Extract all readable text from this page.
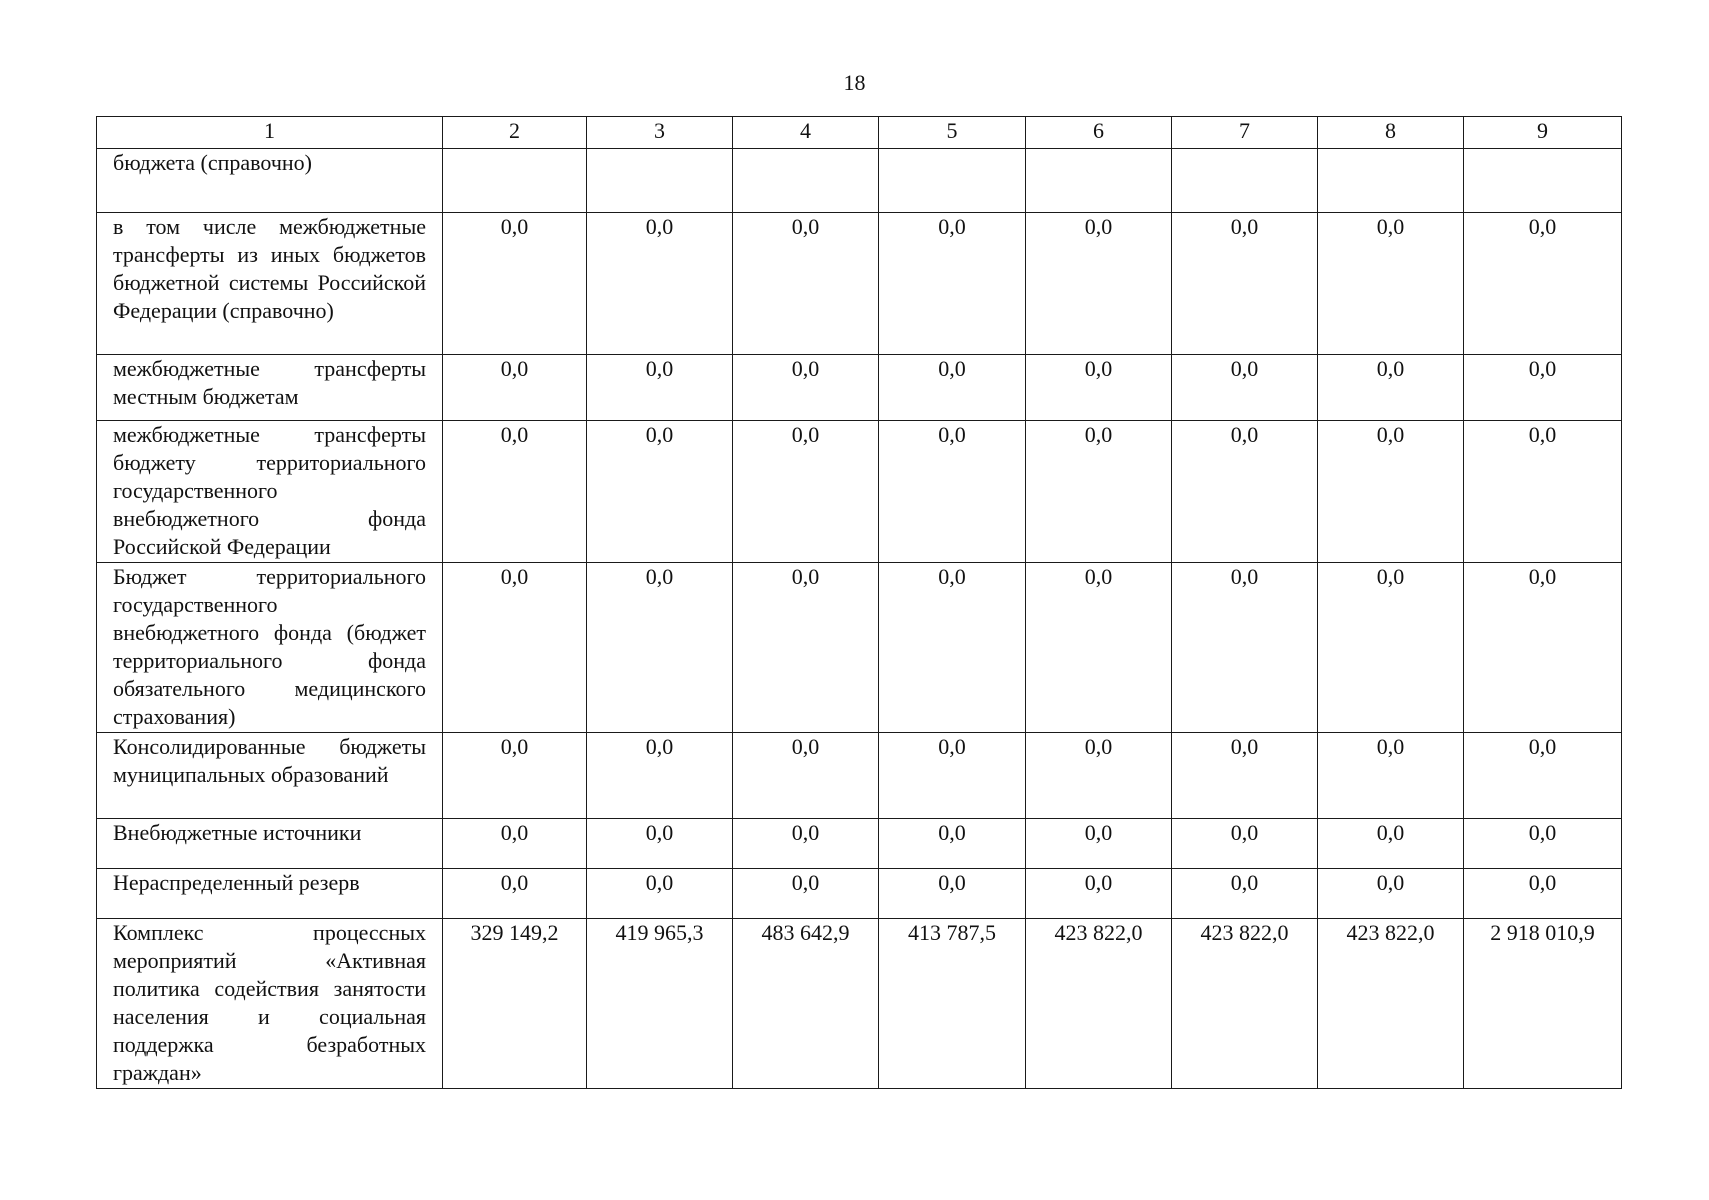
18
1	2	3	4	5	6	7	8	9
бюджета (справочно)								
в том числе межбюджетные трансферты из иных бюджетов бюджетной системы Российской Федерации (справочно)	0,0	0,0	0,0	0,0	0,0	0,0	0,0	0,0
межбюджетные трансферты местным бюджетам	0,0	0,0	0,0	0,0	0,0	0,0	0,0	0,0
межбюджетные трансферты бюджету территориального государственного внебюджетного фонда Российской Федерации	0,0	0,0	0,0	0,0	0,0	0,0	0,0	0,0
Бюджет территориального государственного внебюджетного фонда (бюджет территориального фонда обязательного медицинского страхования)	0,0	0,0	0,0	0,0	0,0	0,0	0,0	0,0
Консолидированные бюджеты муниципальных образований	0,0	0,0	0,0	0,0	0,0	0,0	0,0	0,0
Внебюджетные источники	0,0	0,0	0,0	0,0	0,0	0,0	0,0	0,0
Нераспределенный резерв	0,0	0,0	0,0	0,0	0,0	0,0	0,0	0,0
Комплекс процессных мероприятий «Активная политика содействия занятости населения и социальная поддержка безработных граждан»	329 149,2	419 965,3	483 642,9	413 787,5	423 822,0	423 822,0	423 822,0	2 918 010,9
